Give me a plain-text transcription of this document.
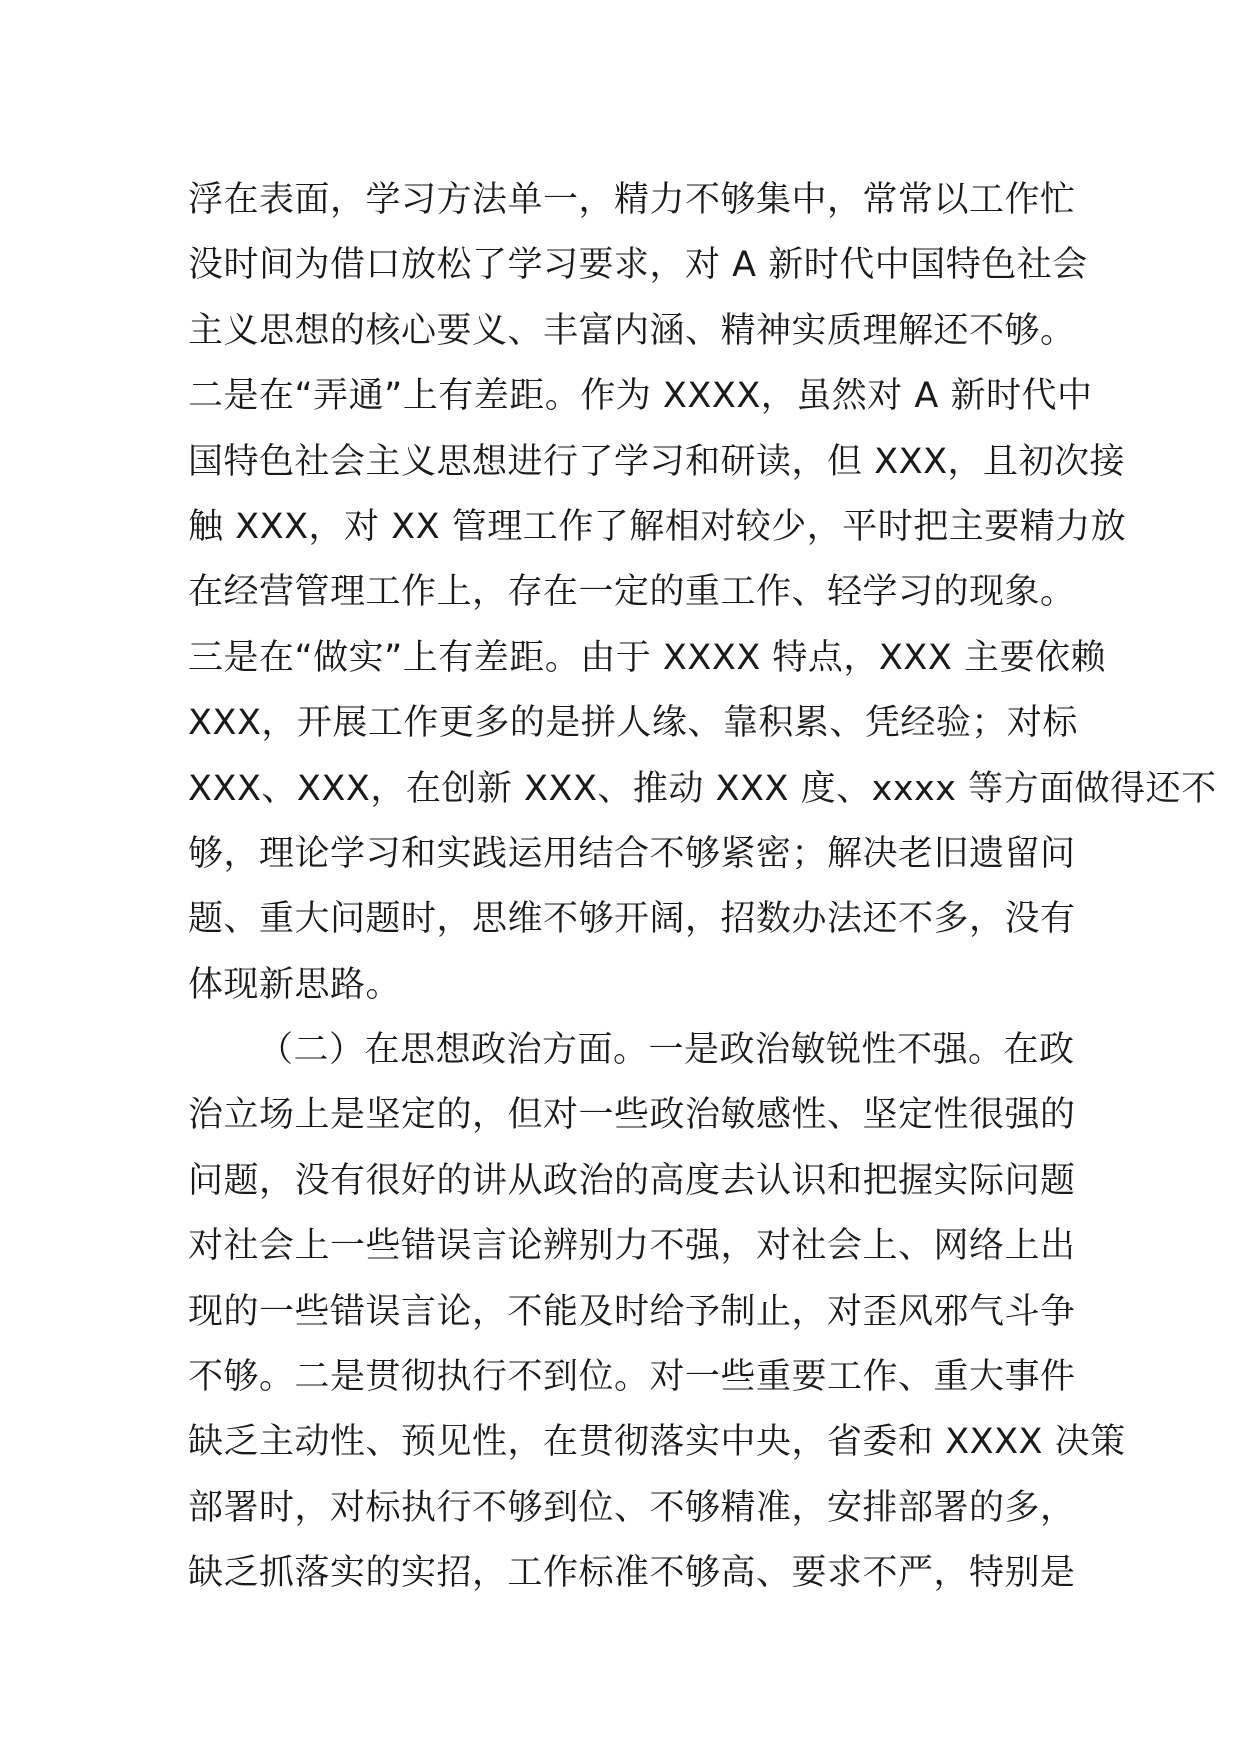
浮在表面，学习方法单一，精力不够集中，常常以工作忙
没时间为借口放松了学习要求，对 A 新时代中国特色社会
主义思想的核心要义、丰富内涵、精神实质理解还不够。
二是在“弄通”上有差距。作为 XXXX，虽然对 A 新时代中
国特色社会主义思想进行了学习和研读，但 XXX，且初次接
触 XXX，对 XX 管理工作了解相对较少，平时把主要精力放
在经营管理工作上，存在一定的重工作、轻学习的现象。
三是在“做实”上有差距。由于 XXXX 特点，XXX 主要依赖
XXX，开展工作更多的是拼人缘、靠积累、凭经验；对标
XXX、XXX，在创新 XXX、推动 XXX 度、xxxx 等方面做得还不
够，理论学习和实践运用结合不够紧密；解决老旧遗留问
题、重大问题时，思维不够开阔，招数办法还不多，没有
体现新思路。
（二）在思想政治方面。一是政治敏锐性不强。在政
治立场上是坚定的，但对一些政治敏感性、坚定性很强的
问题，没有很好的讲从政治的高度去认识和把握实际问题
对社会上一些错误言论辨别力不强，对社会上、网络上出
现的一些错误言论，不能及时给予制止，对歪风邪气斗争
不够。二是贯彻执行不到位。对一些重要工作、重大事件
缺乏主动性、预见性，在贯彻落实中央，省委和 XXXX 决策
部署时，对标执行不够到位、不够精准，安排部署的多，
缺乏抓落实的实招，工作标准不够高、要求不严，特别是
